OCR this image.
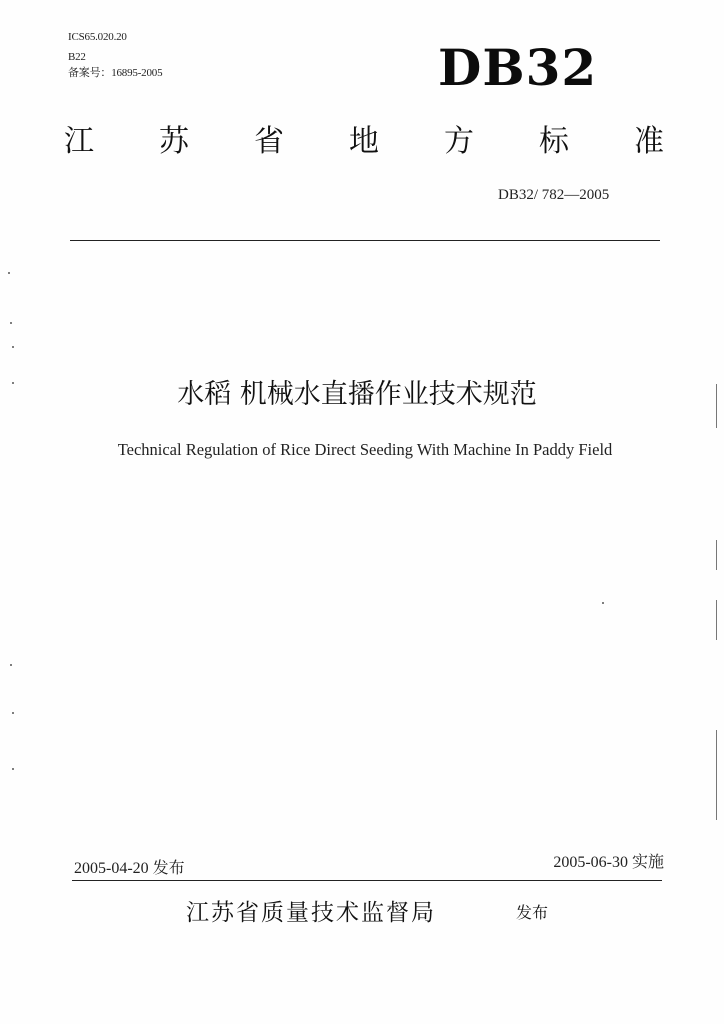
ICS65.020.20
B22
备案号：16895-2005	DB32
江 苏 省 地 方 标 准
DB32/ 782—2005
水稻 机械水直播作业技术规范
Technical Regulation of Rice Direct Seeding With Machine In Paddy Field
2005-04-20 发布	2005-06-30 实施
江苏省质量技术监督局	发布
